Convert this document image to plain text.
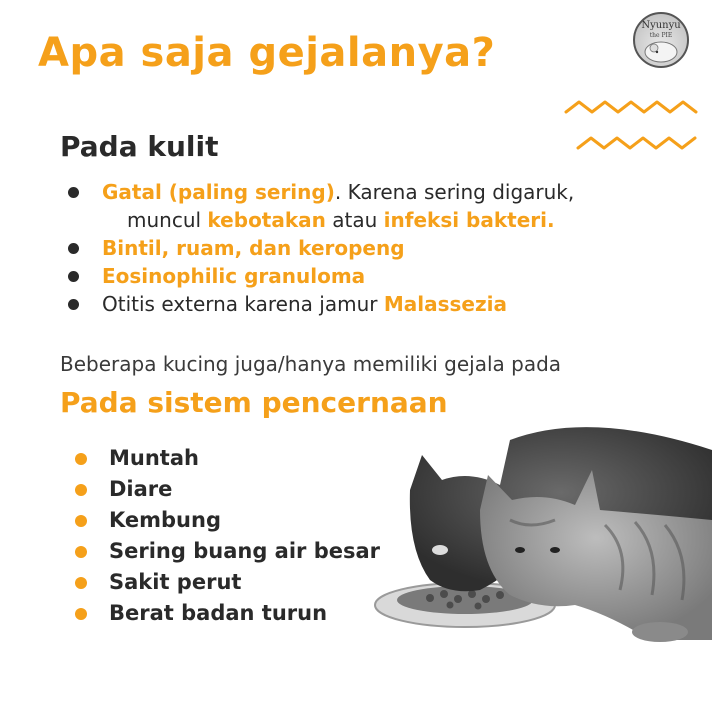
Apa saja gejalanya?
Nyunyu
the PIE
Pada kulit
Gatal (paling sering). Karena sering digaruk,
muncul kebotakan atau infeksi bakteri.
Bintil, ruam, dan keropeng
Eosinophilic granuloma
Otitis externa karena jamur Malassezia

Beberapa kucing juga/hanya memiliki gejala pada

Pada sistem pencernaan
Muntah
Diare
Kembung
Sering buang air besar
Sakit perut
Berat badan turun
